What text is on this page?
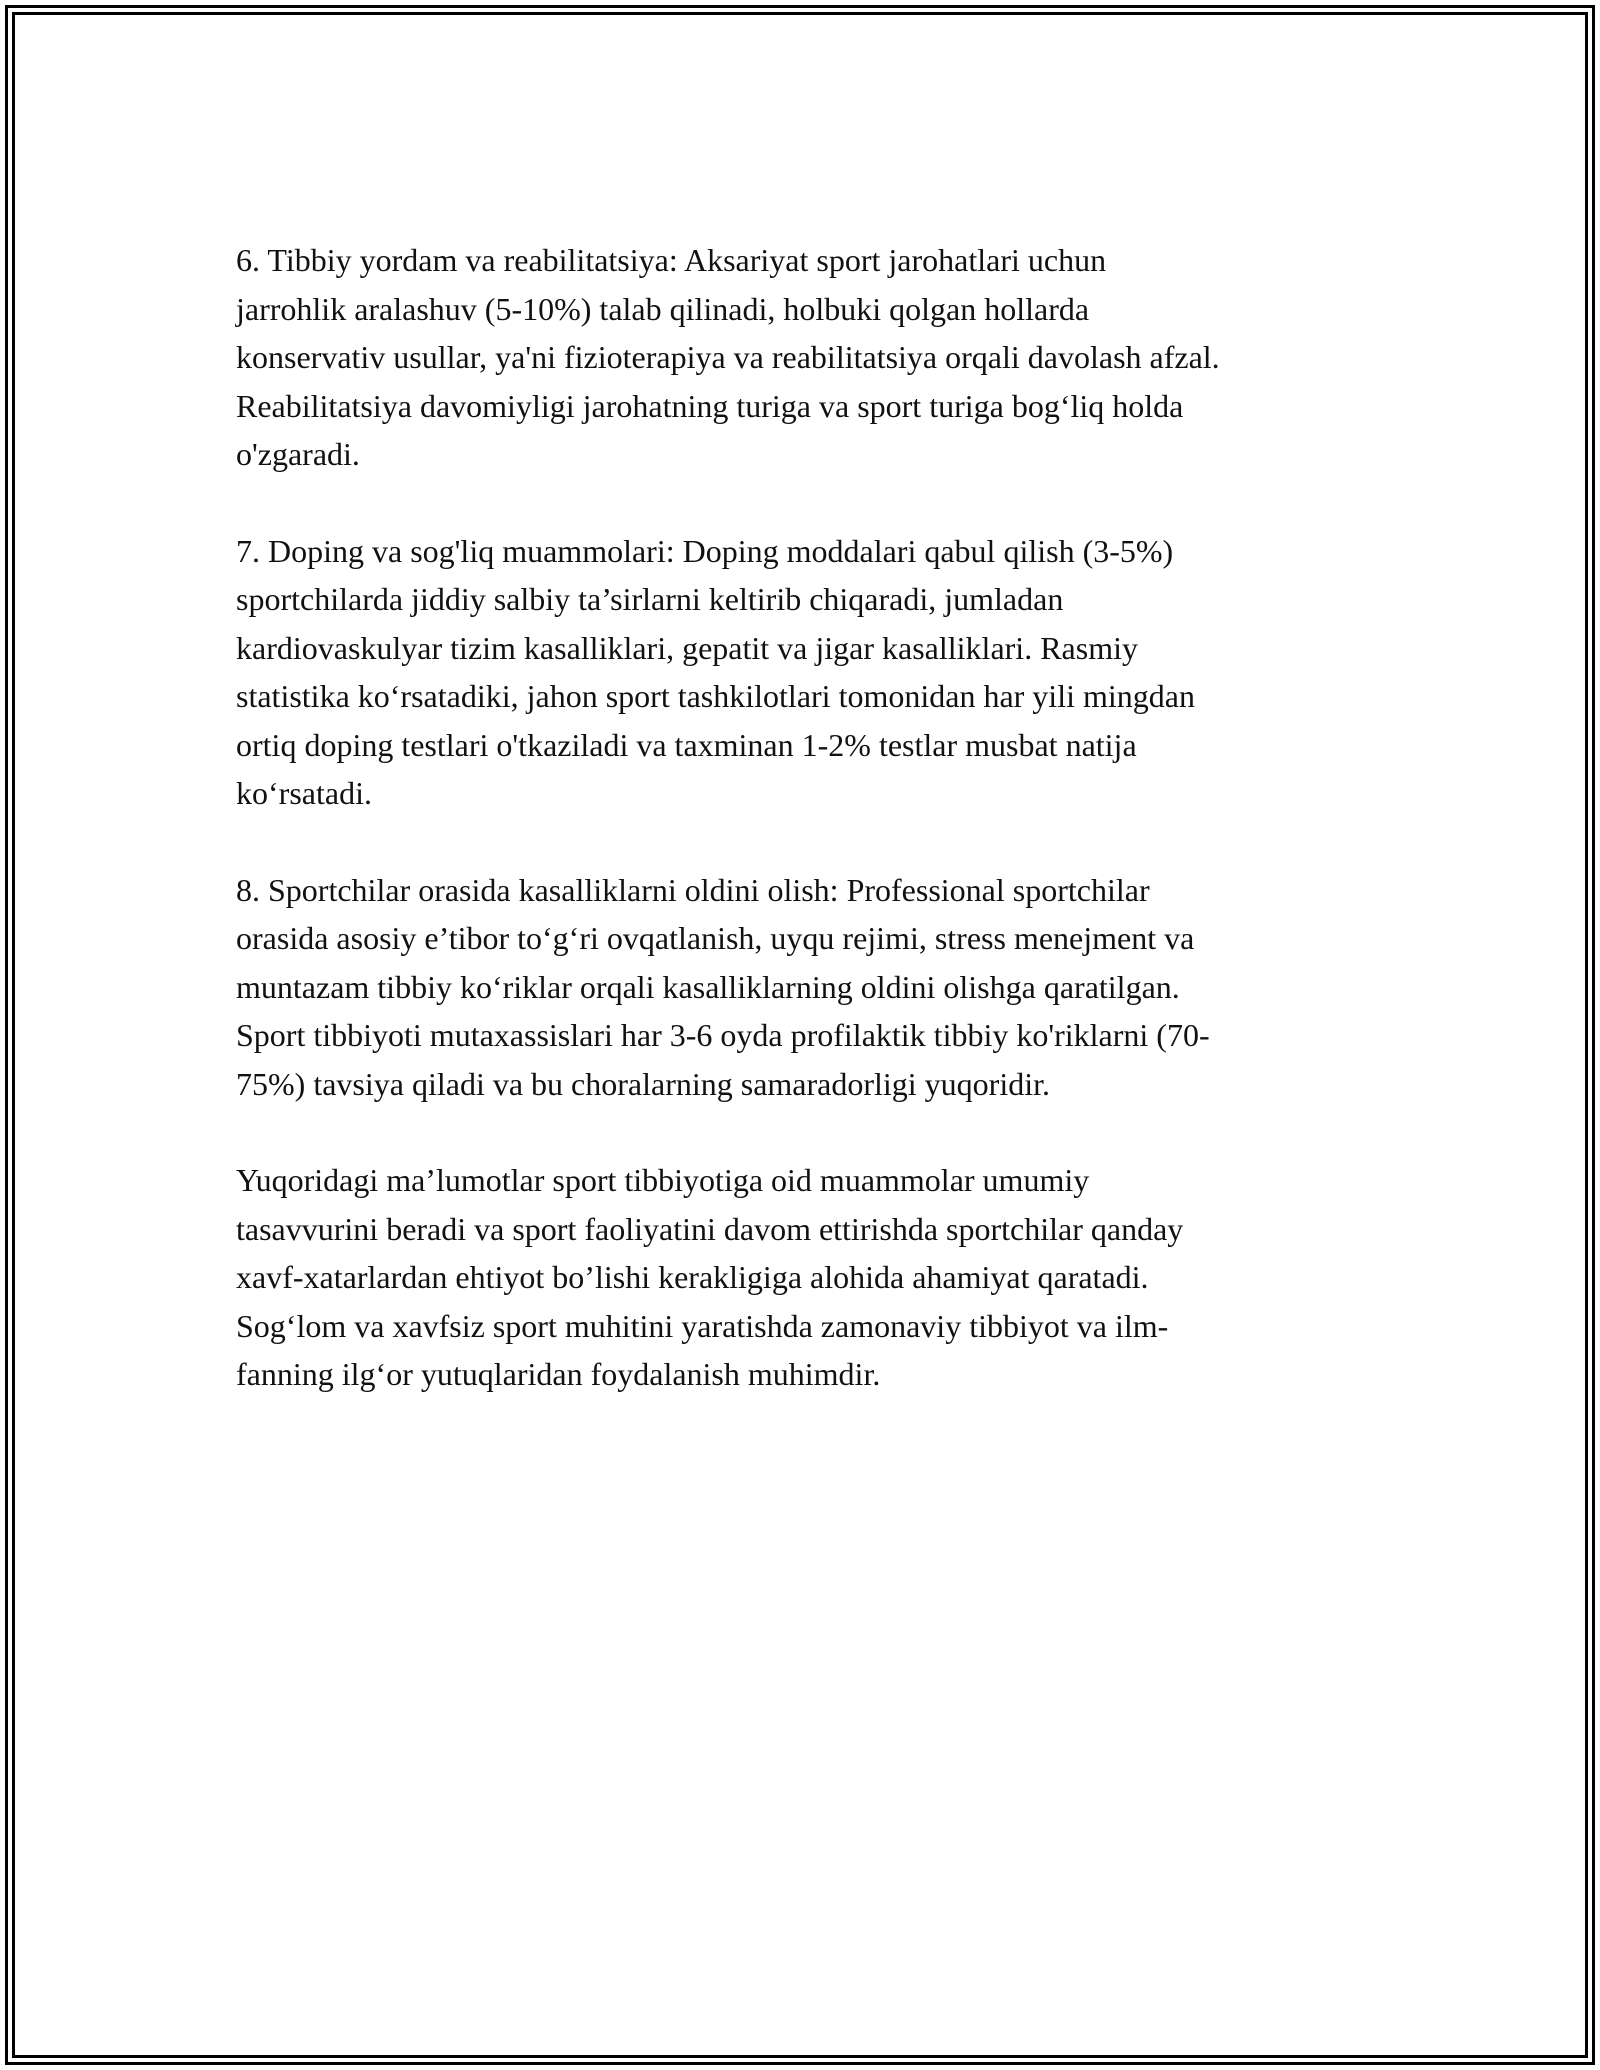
6. Tibbiy yordam va reabilitatsiya: Aksariyat sport jarohatlari uchun
jarrohlik aralashuv (5-10%) talab qilinadi, holbuki qolgan hollarda
konservativ usullar, ya'ni fizioterapiya va reabilitatsiya orqali davolash afzal.
Reabilitatsiya davomiyligi jarohatning turiga va sport turiga bog‘liq holda
o'zgaradi.

7. Doping va sog'liq muammolari: Doping moddalari qabul qilish (3-5%)
sportchilarda jiddiy salbiy ta’sirlarni keltirib chiqaradi, jumladan
kardiovaskulyar tizim kasalliklari, gepatit va jigar kasalliklari. Rasmiy
statistika ko‘rsatadiki, jahon sport tashkilotlari tomonidan har yili mingdan
ortiq doping testlari o'tkaziladi va taxminan 1-2% testlar musbat natija
ko‘rsatadi.

8. Sportchilar orasida kasalliklarni oldini olish: Professional sportchilar
orasida asosiy e’tibor to‘g‘ri ovqatlanish, uyqu rejimi, stress menejment va
muntazam tibbiy ko‘riklar orqali kasalliklarning oldini olishga qaratilgan.
Sport tibbiyoti mutaxassislari har 3-6 oyda profilaktik tibbiy ko'riklarni (70-
75%) tavsiya qiladi va bu choralarning samaradorligi yuqoridir.

Yuqoridagi ma’lumotlar sport tibbiyotiga oid muammolar umumiy
tasavvurini beradi va sport faoliyatini davom ettirishda sportchilar qanday
xavf-xatarlardan ehtiyot bo’lishi kerakligiga alohida ahamiyat qaratadi.
Sog‘lom va xavfsiz sport muhitini yaratishda zamonaviy tibbiyot va ilm-
fanning ilg‘or yutuqlaridan foydalanish muhimdir.
